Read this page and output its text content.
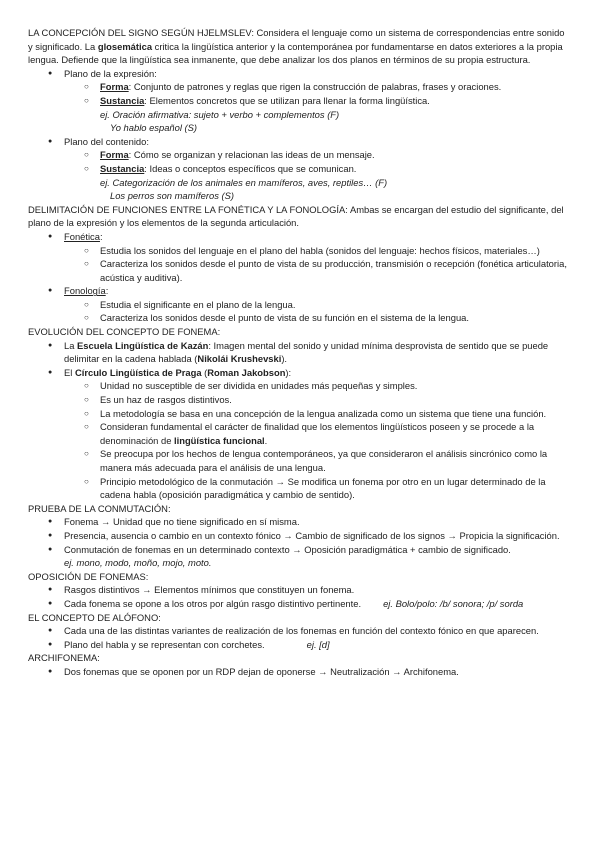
LA CONCEPCIÓN DEL SIGNO SEGÚN HJELMSLEV: Considera el lenguaje como un sistema de correspondencias entre sonido y significado. La glosemática critica la lingüística anterior y la contemporánea por fundamentarse en datos exteriores a la propia lengua. Defiende que la lingüística sea inmanente, que debe analizar los dos planos en términos de su propia estructura.

● Plano de la expresión:
○ Forma: Conjunto de patrones y reglas que rigen la construcción de palabras, frases y oraciones.
○ Sustancia: Elementos concretos que se utilizan para llenar la forma lingüística.
ej. Oración afirmativa: sujeto + verbo + complementos (F)
Yo hablo español (S)
● Plano del contenido:
○ Forma: Cómo se organizan y relacionan las ideas de un mensaje.
○ Sustancia: Ideas o conceptos específicos que se comunican.
ej. Categorización de los animales en mamíferos, aves, reptiles… (F)
Los perros son mamíferos (S)

DELIMITACIÓN DE FUNCIONES ENTRE LA FONÉTICA Y LA FONOLOGÍA: Ambas se encargan del estudio del significante, del plano de la expresión y los elementos de la segunda articulación.

● Fonética:
○ Estudia los sonidos del lenguaje en el plano del habla (sonidos del lenguaje: hechos físicos, materiales…)
○ Caracteriza los sonidos desde el punto de vista de su producción, transmisión o recepción (fonética articulatoria, acústica y auditiva).
● Fonología:
○ Estudia el significante en el plano de la lengua.
○ Caracteriza los sonidos desde el punto de vista de su función en el sistema de la lengua.

EVOLUCIÓN DEL CONCEPTO DE FONEMA:

● La Escuela Lingüística de Kazán: Imagen mental del sonido y unidad mínima desprovista de sentido que se puede delimitar en la cadena hablada (Nikolái Krushevski).
● El Círculo Lingüística de Praga (Roman Jakobson):
○ Unidad no susceptible de ser dividida en unidades más pequeñas y simples.
○ Es un haz de rasgos distintivos.
○ La metodología se basa en una concepción de la lengua analizada como un sistema que tiene una función.
○ Consideran fundamental el carácter de finalidad que los elementos lingüísticos poseen y se procede a la denominación de lingüística funcional.
○ Se preocupa por los hechos de lengua contemporáneos, ya que consideraron el análisis sincrónico como la manera más adecuada para el análisis de una lengua.
○ Principio metodológico de la conmutación → Se modifica un fonema por otro en un lugar determinado de la cadena habla (oposición paradigmática y cambio de sentido).

PRUEBA DE LA CONMUTACIÓN:

● Fonema → Unidad que no tiene significado en sí misma.
● Presencia, ausencia o cambio en un contexto fónico → Cambio de significado de los signos → Propicia la significación.
● Conmutación de fonemas en un determinado contexto → Oposición paradigmática + cambio de significado.
ej. mono, modo, moño, mojo, moto.

OPOSICIÓN DE FONEMAS:

● Rasgos distintivos → Elementos mínimos que constituyen un fonema.
● Cada fonema se opone a los otros por algún rasgo distintivo pertinente. ej. Bolo/polo: /b/ sonora; /p/ sorda

EL CONCEPTO DE ALÓFONO:

● Cada una de las distintas variantes de realización de los fonemas en función del contexto fónico en que aparecen.
● Plano del habla y se representan con corchetes.	ej. [d]

ARCHIFONEMA:

● Dos fonemas que se oponen por un RDP dejan de oponerse → Neutralización → Archifonema.
